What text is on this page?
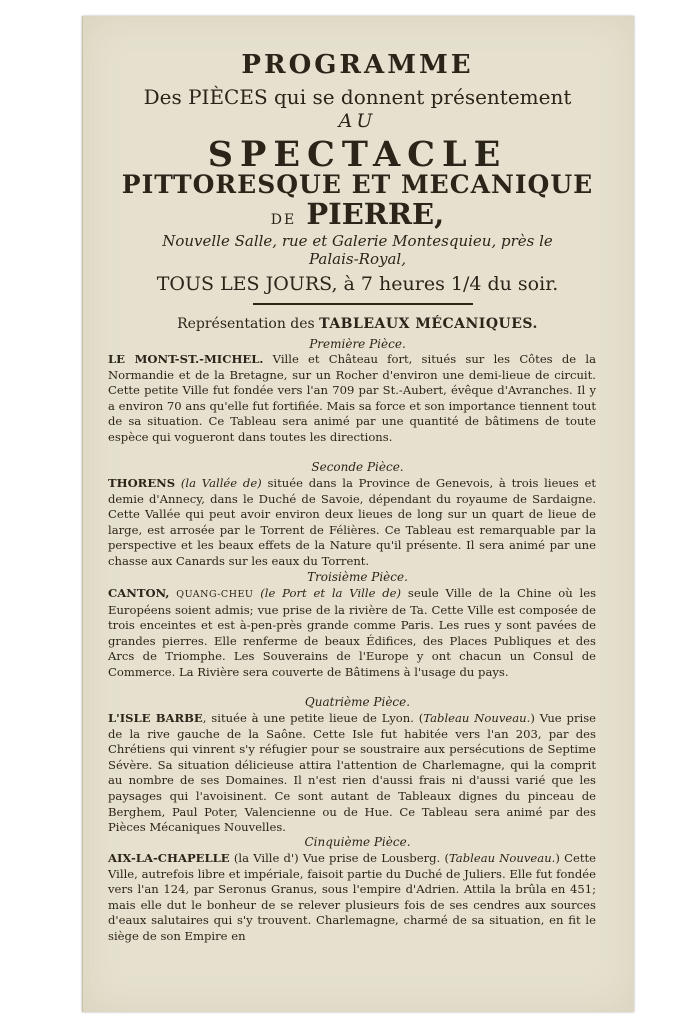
PROGRAMME
Des PIÈCES qui se donnent présentement
AU
SPECTACLE
PITTORESQUE ET MECANIQUE
DE PIERRE,
Nouvelle Salle, rue et Galerie Montesquieu, près le
Palais-Royal,
TOUS LES JOURS, à 7 heures 1/4 du soir.
Représentation des TABLEAUX MÉCANIQUES.
Première Pièce.

LE MONT-ST.-MICHEL. Ville et Château fort, situés sur les Côtes de la Normandie et de la Bretagne, sur un Rocher d'environ une demi-lieue de circuit. Cette petite Ville fut fondée vers l'an 709 par St.-Aubert, évêque d'Avranches. Il y a environ 70 ans qu'elle fut fortifiée. Mais sa force et son importance tiennent tout de sa situation. Ce Tableau sera animé par une quantité de bâtimens de toute espèce qui vogueront dans toutes les directions.

Seconde Pièce.

THORENS (la Vallée de) située dans la Province de Genevois, à trois lieues et demie d'Annecy, dans le Duché de Savoie, dépendant du royaume de Sardaigne. Cette Vallée qui peut avoir environ deux lieues de long sur un quart de lieue de large, est arrosée par le Torrent de Félières. Ce Tableau est remarquable par la perspective et les beaux effets de la Nature qu'il présente. Il sera animé par une chasse aux Canards sur les eaux du Torrent.

Troisième Pièce.

CANTON, QUANG-CHEU (le Port et la Ville de) seule Ville de la Chine où les Européens soient admis; vue prise de la rivière de Ta. Cette Ville est composée de trois enceintes et est à-pen-près grande comme Paris. Les rues y sont pavées de grandes pierres. Elle renferme de beaux Édifices, des Places Publiques et des Arcs de Triomphe. Les Souverains de l'Europe y ont chacun un Consul de Commerce. La Rivière sera couverte de Bâtimens à l'usage du pays.

Quatrième Pièce.

L'ISLE BARBE, située à une petite lieue de Lyon. (Tableau Nouveau.) Vue prise de la rive gauche de la Saône. Cette Isle fut habitée vers l'an 203, par des Chrétiens qui vinrent s'y réfugier pour se soustraire aux persécutions de Septime Sévère. Sa situation délicieuse attira l'attention de Charlemagne, qui la comprit au nombre de ses Domaines. Il n'est rien d'aussi frais ni d'aussi varié que les paysages qui l'avoisinent. Ce sont autant de Tableaux dignes du pinceau de Berghem, Paul Poter, Valencienne ou de Hue. Ce Tableau sera animé par des Pièces Mécaniques Nouvelles.

Cinquième Pièce.

AIX-LA-CHAPELLE (la Ville d') Vue prise de Lousberg. (Tableau Nouveau.) Cette Ville, autrefois libre et impériale, faisoit partie du Duché de Juliers. Elle fut fondée vers l'an 124, par Seronus Granus, sous l'empire d'Adrien. Attila la brûla en 451; mais elle dut le bonheur de se relever plusieurs fois de ses cendres aux sources d'eaux salutaires qui s'y trouvent. Charlemagne, charmé de sa situation, en fit le siège de son Empire en
